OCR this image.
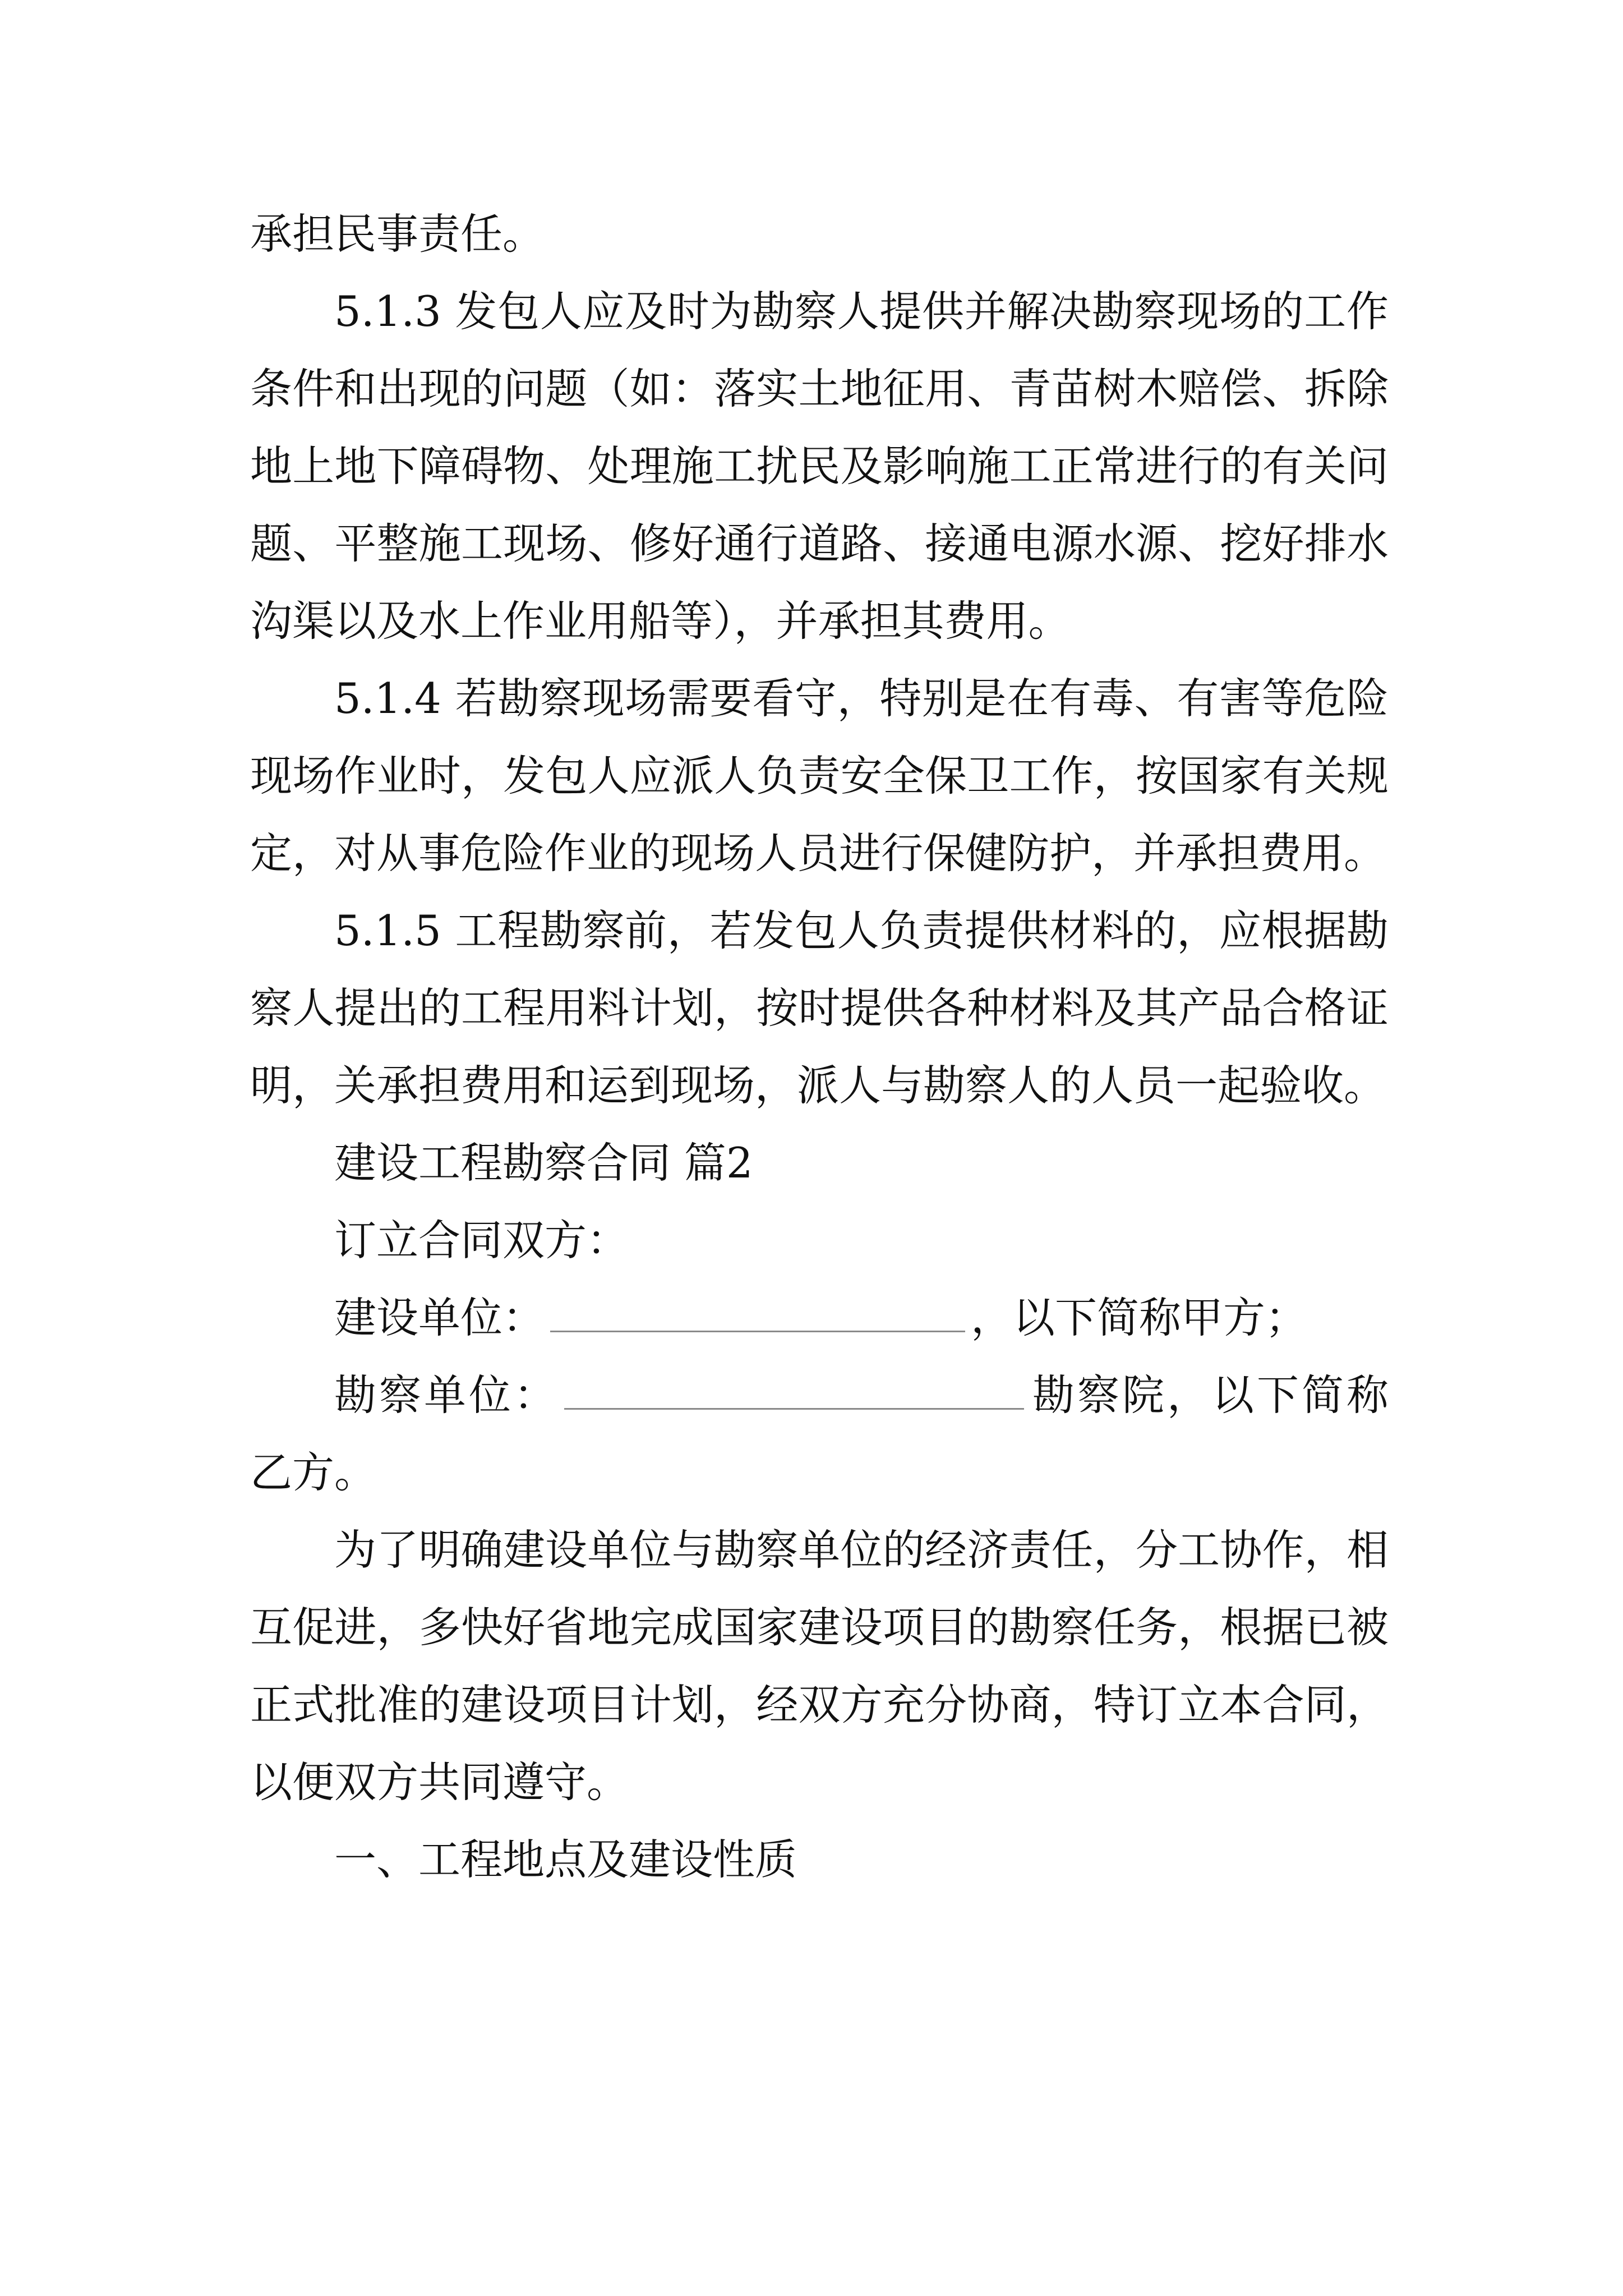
承担民事责任。

5.1.3 发包人应及时为勘察人提供并解决勘察现场的工作条件和出现的问题（如：落实土地征用、青苗树木赔偿、拆除地上地下障碍物、处理施工扰民及影响施工正常进行的有关问题、平整施工现场、修好通行道路、接通电源水源、挖好排水沟渠以及水上作业用船等），并承担其费用。

5.1.4 若勘察现场需要看守，特别是在有毒、有害等危险现场作业时，发包人应派人负责安全保卫工作，按国家有关规定，对从事危险作业的现场人员进行保健防护，并承担费用。

5.1.5 工程勘察前，若发包人负责提供材料的，应根据勘察人提出的工程用料计划，按时提供各种材料及其产品合格证明，关承担费用和运到现场，派人与勘察人的人员一起验收。

建设工程勘察合同 篇2

订立合同双方：

建设单位：	，以下简称甲方；

勘察单位：	勘察院，以下简称乙方。

为了明确建设单位与勘察单位的经济责任，分工协作，相互促进，多快好省地完成国家建设项目的勘察任务，根据已被正式批准的建设项目计划，经双方充分协商，特订立本合同，以便双方共同遵守。

一、工程地点及建设性质
